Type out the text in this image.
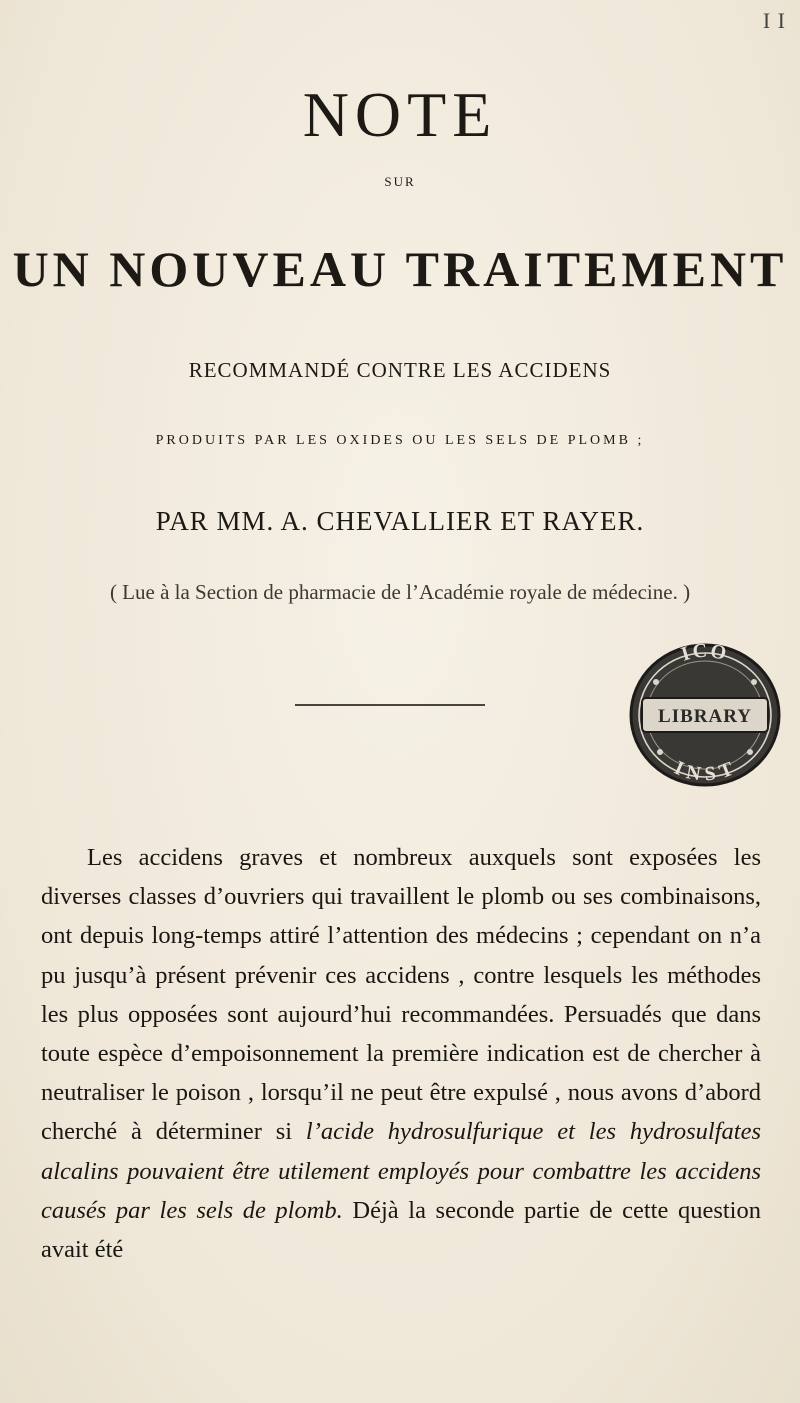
I I
NOTE
SUR
UN NOUVEAU TRAITEMENT
RECOMMANDÉ CONTRE LES ACCIDENS
PRODUITS PAR LES OXIDES OU LES SELS DE PLOMB ;
PAR MM. A. CHEVALLIER ET RAYER.
( Lue à la Section de pharmacie de l’Académie royale de médecine. )
ICO
LIBRARY
INST

Les accidens graves et nombreux auxquels sont exposées les diverses classes d’ouvriers qui travaillent le plomb ou ses combinaisons, ont depuis long-temps attiré l’attention des médecins ; cependant on n’a pu jusqu’à présent prévenir ces accidens , contre lesquels les méthodes les plus opposées sont aujourd’hui recommandées. Persuadés que dans toute espèce d’empoisonnement la première indication est de chercher à neutraliser le poison , lorsqu’il ne peut être expulsé , nous avons d’abord cherché à déterminer si l’acide hydrosulfurique et les hydrosulfates alcalins pouvaient être utilement employés pour combattre les accidens causés par les sels de plomb. Déjà la seconde partie de cette question avait été
